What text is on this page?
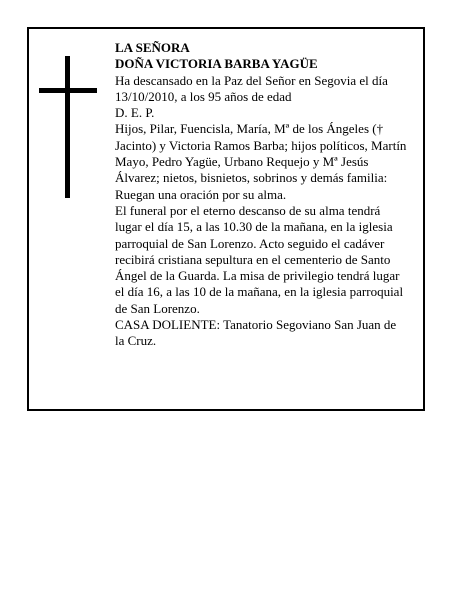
LA SEÑORA
DOÑA VICTORIA BARBA YAGÜE
Ha descansado en la Paz del Señor en Segovia el día
13/10/2010, a los 95 años de edad
D. E. P.
Hijos, Pilar, Fuencisla, María, Mª de los Ángeles (†
Jacinto) y Victoria Ramos Barba; hijos políticos, Martín
Mayo, Pedro Yagüe, Urbano Requejo y Mª Jesús
Álvarez; nietos, bisnietos, sobrinos y demás familia:
Ruegan una oración por su alma.
El funeral por el eterno descanso de su alma tendrá
lugar el día 15, a las 10.30 de la mañana, en la iglesia
parroquial de San Lorenzo. Acto seguido el cadáver
recibirá cristiana sepultura en el cementerio de Santo
Ángel de la Guarda. La misa de privilegio tendrá lugar
el día 16, a las 10 de la mañana, en la iglesia parroquial
de San Lorenzo.
CASA DOLIENTE: Tanatorio Segoviano San Juan de
la Cruz.
